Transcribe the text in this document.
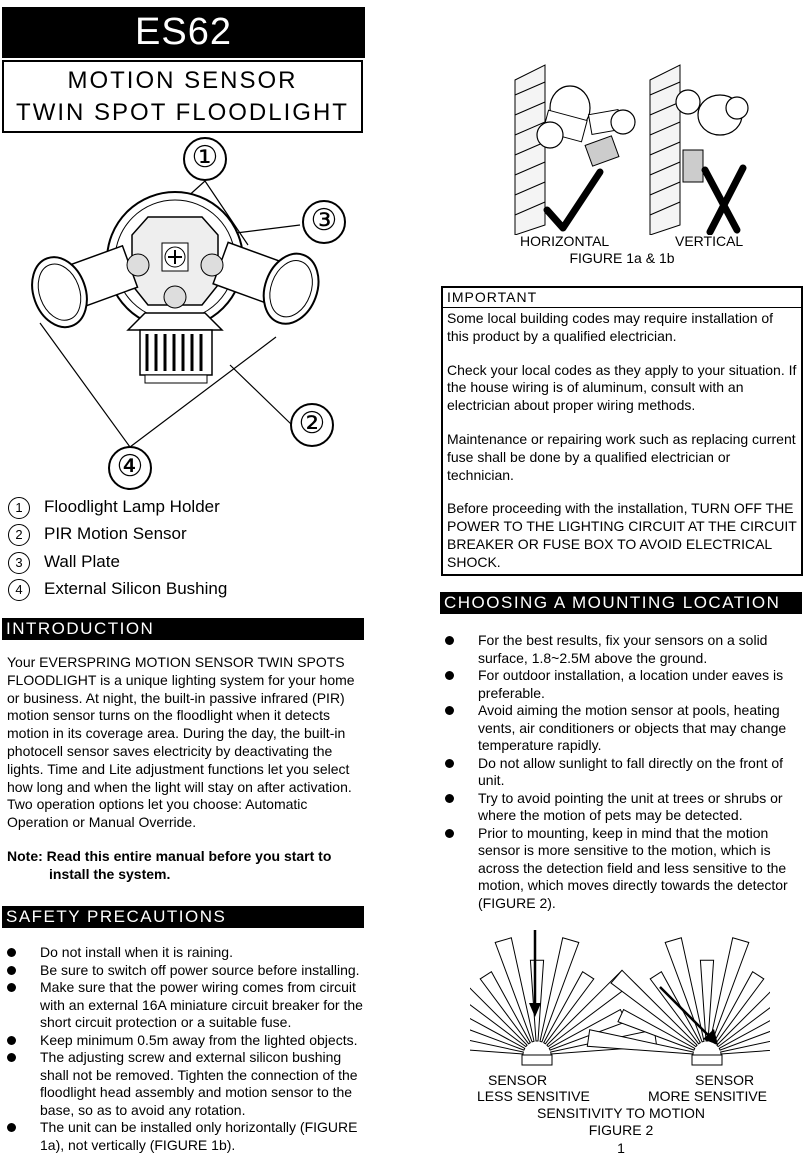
ES62
MOTION SENSOR
TWIN SPOT FLOODLIGHT
①
③
②
④
1 Floodlight Lamp Holder
2 PIR Motion Sensor
3 Wall Plate
4 External Silicon Bushing
INTRODUCTION
Your EVERSPRING MOTION SENSOR TWIN SPOTS FLOODLIGHT is a unique lighting system for your home or business. At night, the built-in passive infrared (PIR) motion sensor turns on the floodlight when it detects motion in its coverage area. During the day, the built-in photocell sensor saves electricity by deactivating the lights. Time and Lite adjustment functions let you select how long and when the light will stay on after activation. Two operation options let you choose: Automatic Operation or Manual Override.
Note: Read this entire manual before you start to install the system.
SAFETY PRECAUTIONS
Do not install when it is raining.
Be sure to switch off power source before installing.
Make sure that the power wiring comes from circuit with an external 16A miniature circuit breaker for the short circuit protection or a suitable fuse.
Keep minimum 0.5m away from the lighted objects.
The adjusting screw and external silicon bushing shall not be removed. Tighten the connection of the floodlight head assembly and motion sensor to the base, so as to avoid any rotation.
The unit can be installed only horizontally (FIGURE 1a), not vertically (FIGURE 1b).
HORIZONTAL	VERTICAL
FIGURE 1a & 1b
IMPORTANT

Some local building codes may require installation of this product by a qualified electrician.

Check your local codes as they apply to your situation. If the house wiring is of aluminum, consult with an electrician about proper wiring methods.

Maintenance or repairing work such as replacing current fuse shall be done by a qualified electrician or technician.

Before proceeding with the installation, TURN OFF THE POWER TO THE LIGHTING CIRCUIT AT THE CIRCUIT BREAKER OR FUSE BOX TO AVOID ELECTRICAL SHOCK.

CHOOSING A MOUNTING LOCATION
For the best results, fix your sensors on a solid surface, 1.8~2.5M above the ground.
For outdoor installation, a location under eaves is preferable.
Avoid aiming the motion sensor at pools, heating vents, air conditioners or objects that may change temperature rapidly.
Do not allow sunlight to fall directly on the front of unit.
Try to avoid pointing the unit at trees or shrubs or where the motion of pets may be detected.
Prior to mounting, keep in mind that the motion sensor is more sensitive to the motion, which is across the detection field and less sensitive to the motion, which moves directly towards the detector (FIGURE 2).
SENSOR
LESS SENSITIVE
SENSOR
MORE SENSITIVE
SENSITIVITY TO MOTION
FIGURE 2
1
